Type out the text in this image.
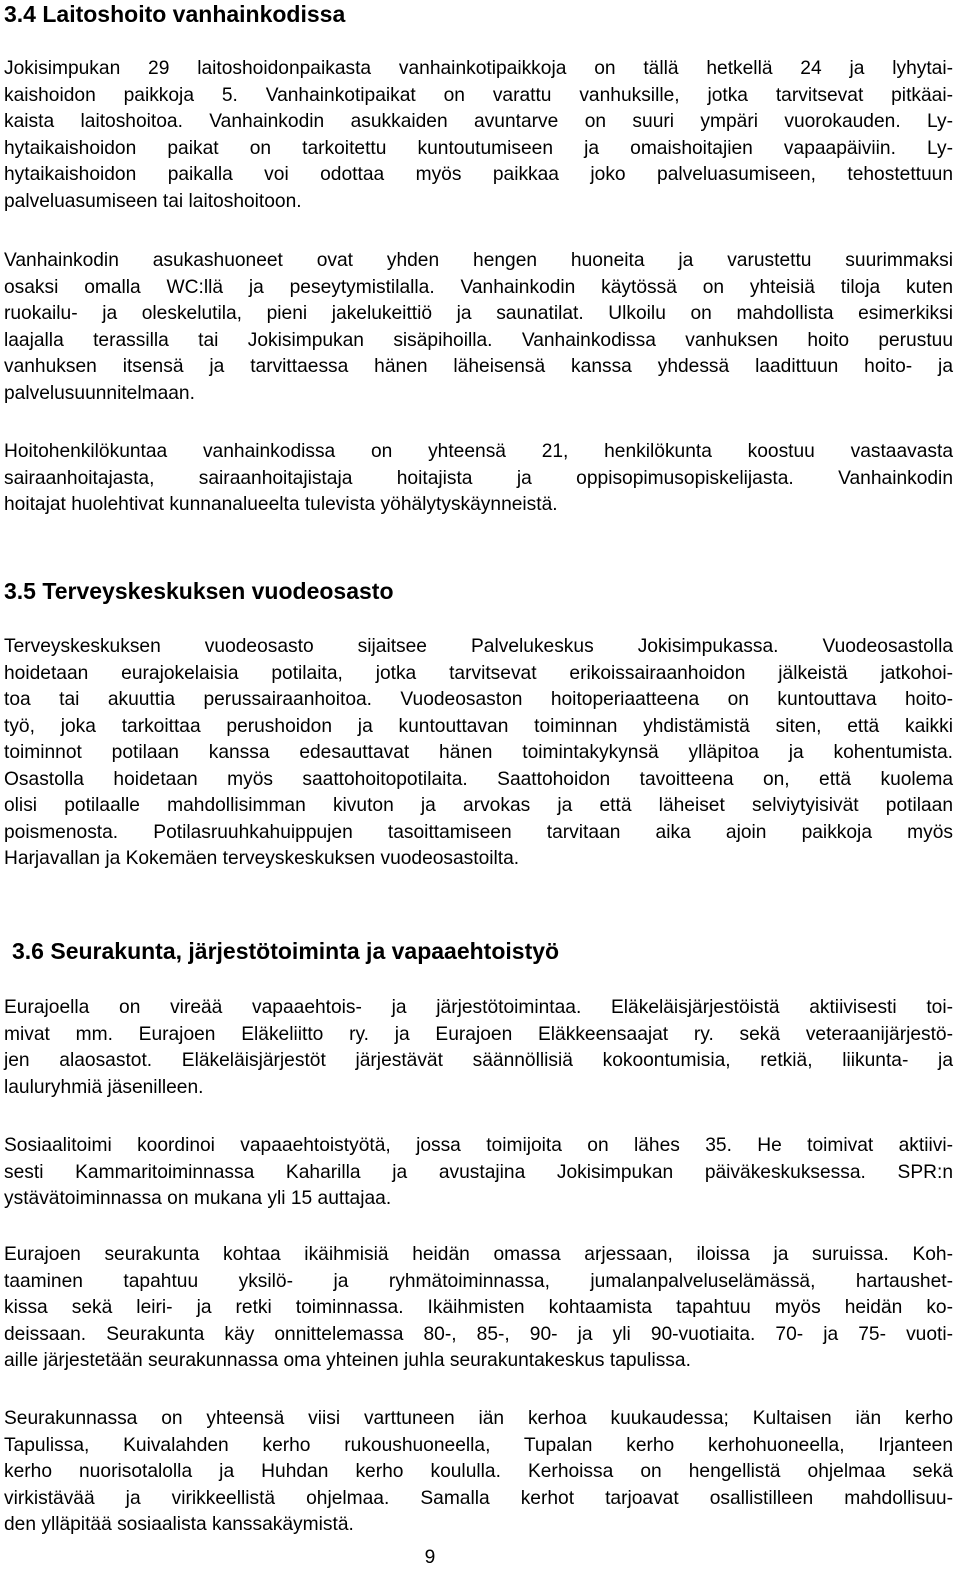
3.4 Laitoshoito vanhainkodissa

Jokisimpukan 29 laitoshoidonpaikasta vanhainkotipaikkoja on tällä hetkellä 24 ja lyhytai-
kaishoidon paikkoja 5. Vanhainkotipaikat on varattu vanhuksille, jotka tarvitsevat pitkäai-
kaista laitoshoitoa. Vanhainkodin asukkaiden avuntarve on suuri ympäri vuorokauden. Ly-
hytaikaishoidon paikat on tarkoitettu kuntoutumiseen ja omaishoitajien vapaapäiviin. Ly-
hytaikaishoidon paikalla voi odottaa myös paikkaa joko palveluasumiseen, tehostettuun
palveluasumiseen tai laitoshoitoon.

Vanhainkodin asukashuoneet ovat yhden hengen huoneita ja varustettu suurimmaksi
osaksi omalla WC:llä ja peseytymistilalla. Vanhainkodin käytössä on yhteisiä tiloja kuten
ruokailu- ja oleskelutila, pieni jakelukeittiö ja saunatilat. Ulkoilu on mahdollista esimerkiksi
laajalla terassilla tai Jokisimpukan sisäpihoilla. Vanhainkodissa vanhuksen hoito perustuu
vanhuksen itsensä ja tarvittaessa hänen läheisensä kanssa yhdessä laadittuun hoito- ja
palvelusuunnitelmaan.

Hoitohenkilökuntaa vanhainkodissa on yhteensä 21, henkilökunta koostuu vastaavasta
sairaanhoitajasta, sairaanhoitajistaja hoitajista ja oppisopimusopiskelijasta. Vanhainkodin
hoitajat huolehtivat kunnanalueelta tulevista yöhälytyskäynneistä.

3.5 Terveyskeskuksen vuodeosasto

Terveyskeskuksen vuodeosasto sijaitsee Palvelukeskus Jokisimpukassa. Vuodeosastolla
hoidetaan eurajokelaisia potilaita, jotka tarvitsevat erikoissairaanhoidon jälkeistä jatkohoi-
toa tai akuuttia perussairaanhoitoa. Vuodeosaston hoitoperiaatteena on kuntouttava hoito-
työ, joka tarkoittaa perushoidon ja kuntouttavan toiminnan yhdistämistä siten, että kaikki
toiminnot potilaan kanssa edesauttavat hänen toimintakykynsä ylläpitoa ja kohentumista.
Osastolla hoidetaan myös saattohoitopotilaita. Saattohoidon tavoitteena on, että kuolema
olisi potilaalle mahdollisimman kivuton ja arvokas ja että läheiset selviytyisivät potilaan
poismenosta. Potilasruuhkahuippujen tasoittamiseen tarvitaan aika ajoin paikkoja myös
Harjavallan ja Kokemäen terveyskeskuksen vuodeosastoilta.

3.6 Seurakunta, järjestötoiminta ja vapaaehtoistyö

Eurajoella on vireää vapaaehtois- ja järjestötoimintaa. Eläkeläisjärjestöistä aktiivisesti toi-
mivat mm. Eurajoen Eläkeliitto ry. ja Eurajoen Eläkkeensaajat ry. sekä veteraanijärjestö-
jen alaosastot. Eläkeläisjärjestöt järjestävät säännöllisiä kokoontumisia, retkiä, liikunta- ja
lauluryhmiä jäsenilleen.

Sosiaalitoimi koordinoi vapaaehtoistyötä, jossa toimijoita on lähes 35. He toimivat aktiivi-
sesti Kammaritoiminnassa Kaharilla ja avustajina Jokisimpukan päiväkeskuksessa. SPR:n
ystävätoiminnassa on mukana yli 15 auttajaa.

Eurajoen seurakunta kohtaa ikäihmisiä heidän omassa arjessaan, iloissa ja suruissa. Koh-
taaminen tapahtuu yksilö- ja ryhmätoiminnassa, jumalanpalveluselämässä, hartaushet-
kissa sekä leiri- ja retki toiminnassa. Ikäihmisten kohtaamista tapahtuu myös heidän ko-
deissaan. Seurakunta käy onnittelemassa 80-, 85-, 90- ja yli 90-vuotiaita. 70- ja 75- vuoti-
aille järjestetään seurakunnassa oma yhteinen juhla seurakuntakeskus tapulissa.

Seurakunnassa on yhteensä viisi varttuneen iän kerhoa kuukaudessa; Kultaisen iän kerho
Tapulissa, Kuivalahden kerho rukoushuoneella, Tupalan kerho kerhohuoneella, Irjanteen
kerho nuorisotalolla ja Huhdan kerho koululla. Kerhoissa on hengellistä ohjelmaa sekä
virkistävää ja virikkeellistä ohjelmaa. Samalla kerhot tarjoavat osallistilleen mahdollisuu-
den ylläpitää sosiaalista kanssakäymistä.

9
